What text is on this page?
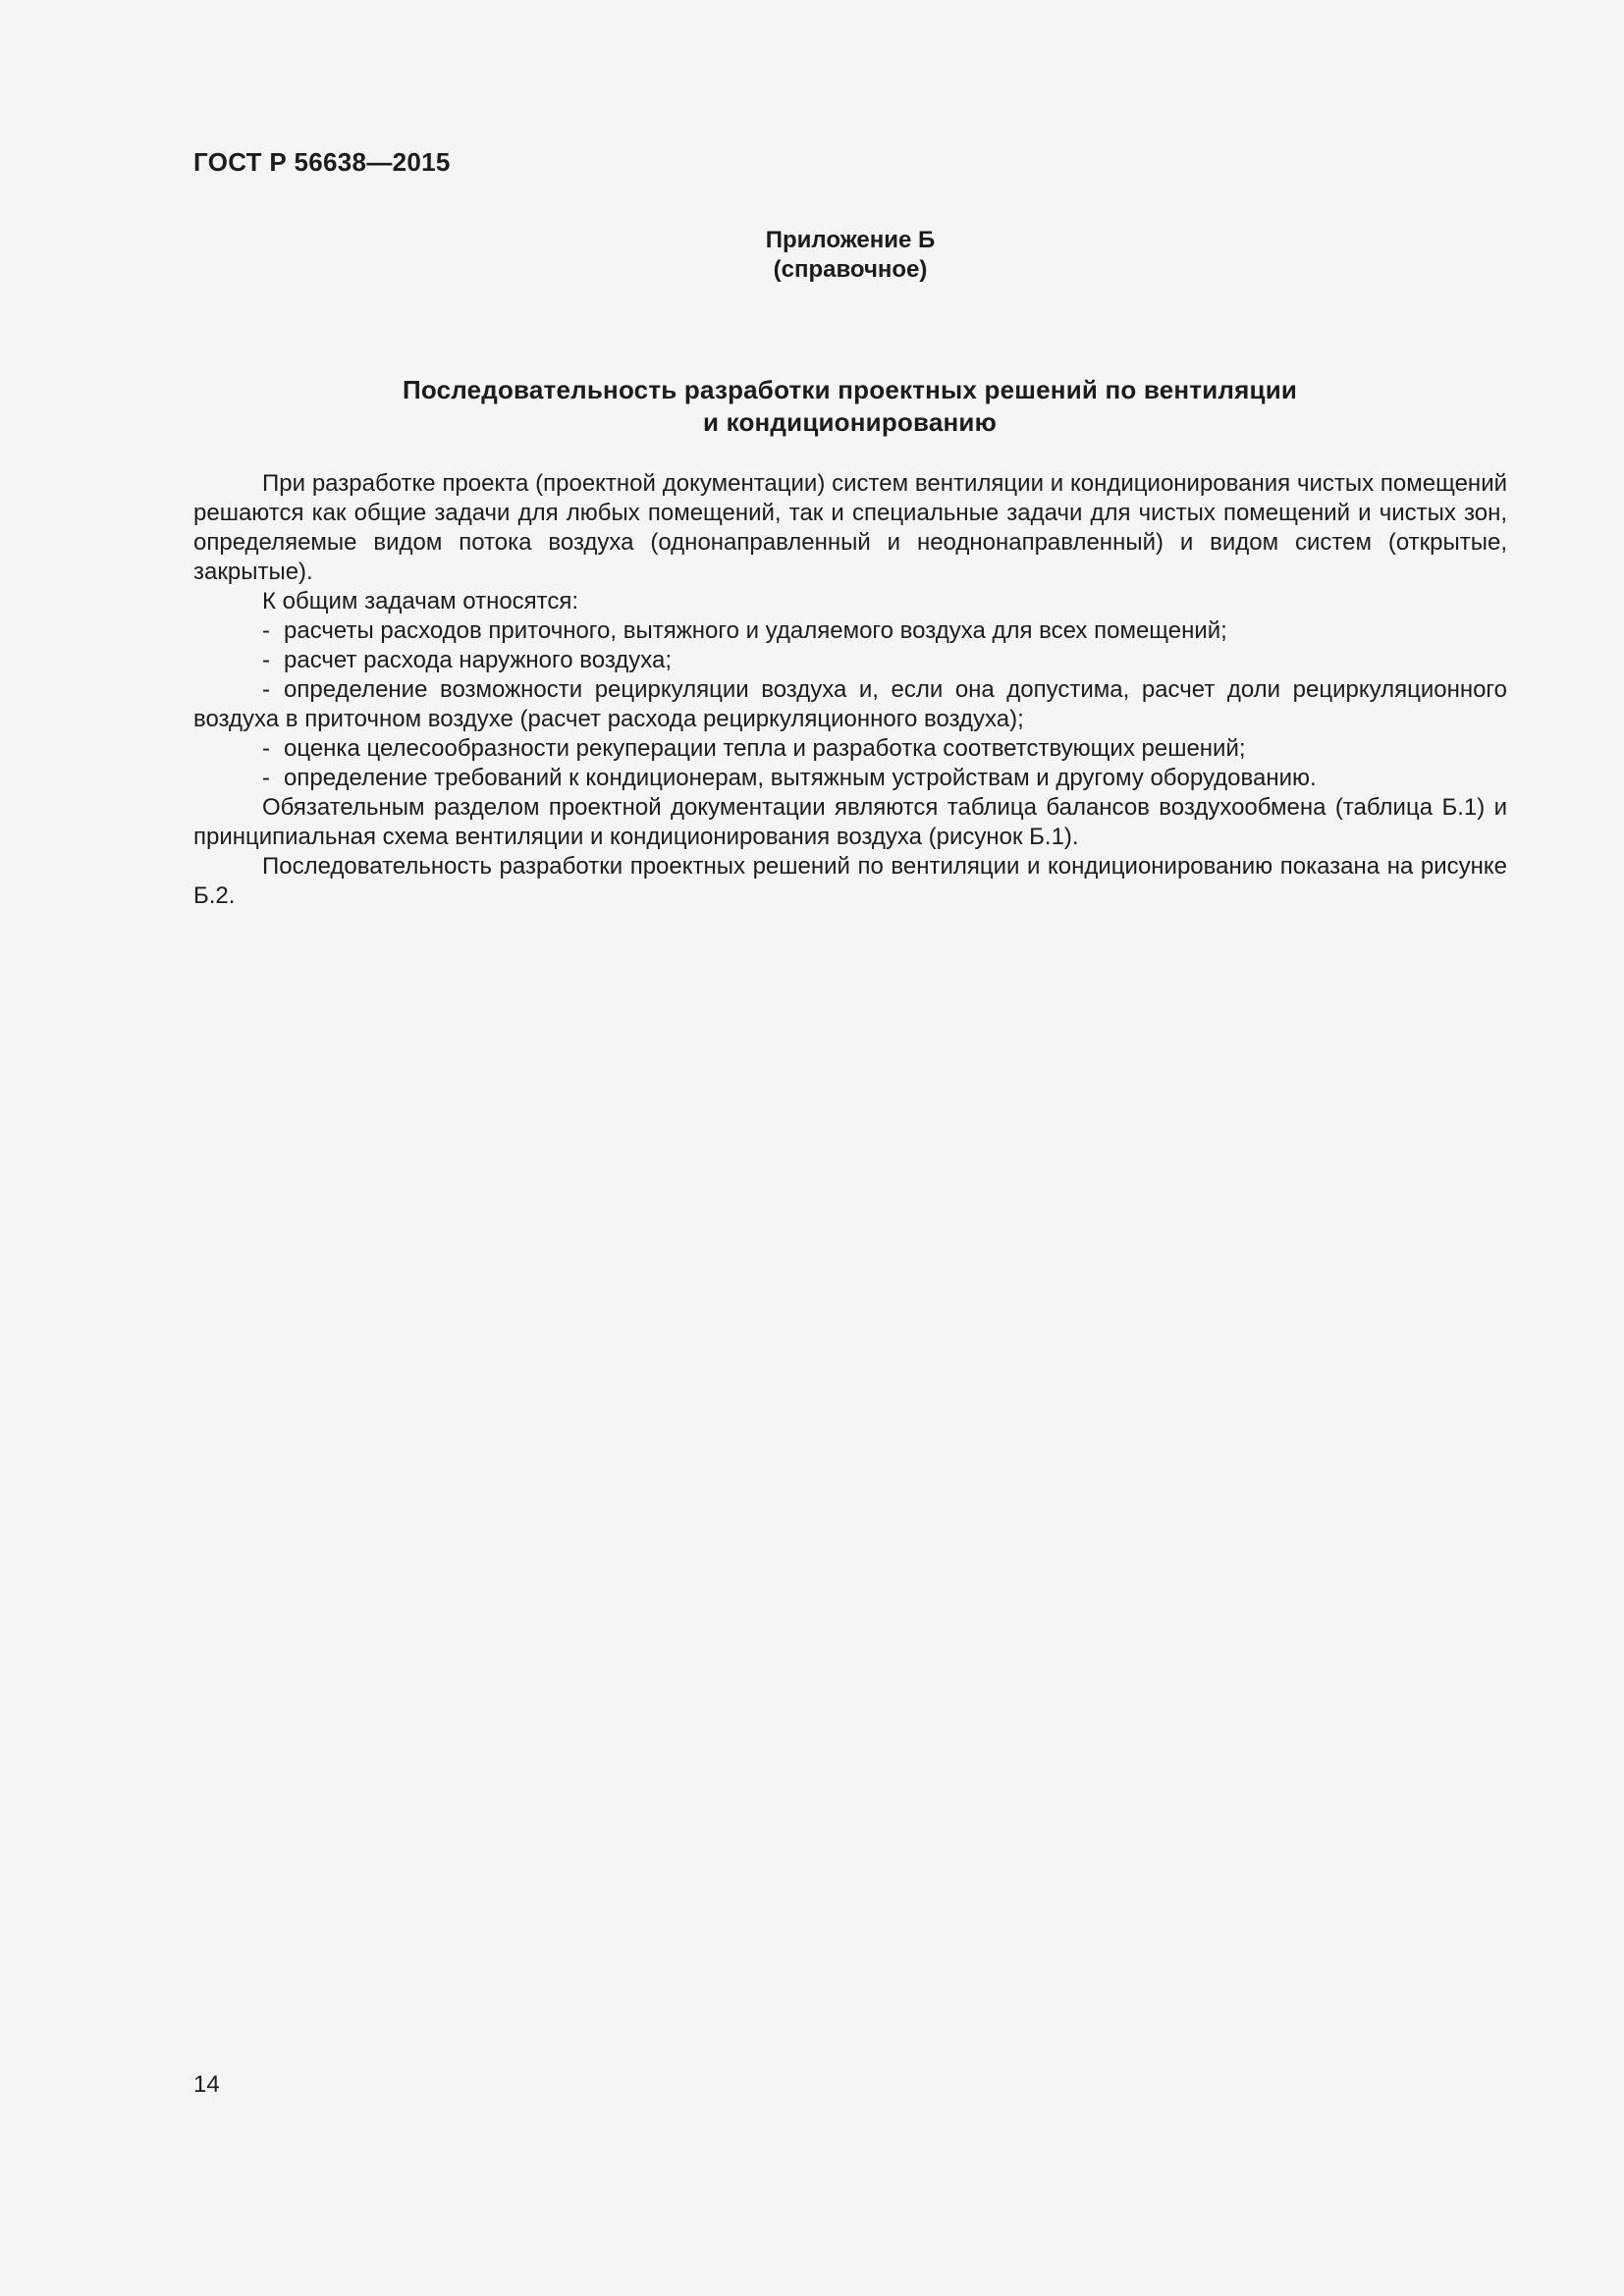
ГОСТ Р 56638—2015
Приложение Б
(справочное)
Последовательность разработки проектных решений по вентиляции
и кондиционированию

При разработке проекта (проектной документации) систем вентиляции и кондиционирования чистых помещений решаются как общие задачи для любых помещений, так и специальные задачи для чистых помещений и чистых зон, определяемые видом потока воздуха (однонаправленный и неоднонаправленный) и видом систем (открытые, закрытые).

К общим задачам относятся:

- расчеты расходов приточного, вытяжного и удаляемого воздуха для всех помещений;

- расчет расхода наружного воздуха;

- определение возможности рециркуляции воздуха и, если она допустима, расчет доли рециркуляционного воздуха в приточном воздухе (расчет расхода рециркуляционного воздуха);

- оценка целесообразности рекуперации тепла и разработка соответствующих решений;

- определение требований к кондиционерам, вытяжным устройствам и другому оборудованию.

Обязательным разделом проектной документации являются таблица балансов воздухообмена (таблица Б.1) и принципиальная схема вентиляции и кондиционирования воздуха (рисунок Б.1).

Последовательность разработки проектных решений по вентиляции и кондиционированию показана на рисунке Б.2.

14
